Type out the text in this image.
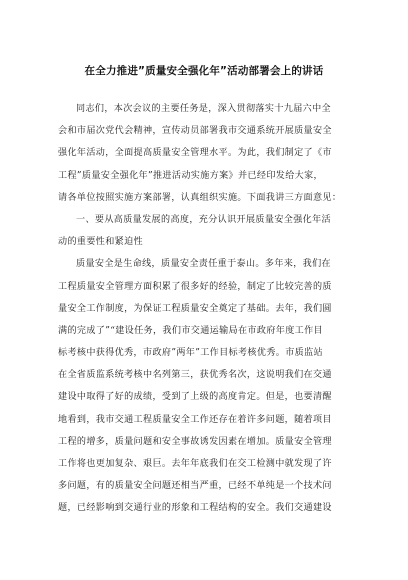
在全力推进”质量安全强化年”活动部署会上的讲话
同志们，本次会议的主要任务是，深入贯彻落实十九届六中全
会和市届次党代会精神，宣传动员部署我市交通系统开展质量安全
强化年活动，全面提高质量安全管理水平。为此，我们制定了《市
工程”质量安全强化年”推进活动实施方案》并已经印发给大家，
请各单位按照实施方案部署，认真组织实施。下面我讲三方面意见：
一、要从高质量发展的高度，充分认识开展质量安全强化年活
动的重要性和紧迫性
质量安全是生命线，质量安全责任重于泰山。多年来，我们在
工程质量安全管理方面积累了很多好的经验，制定了比较完善的质
量安全工作制度，为保证工程质量安全奠定了基础。去年，我们圆
满的完成了”“建设任务，我们市交通运输局在市政府年度工作目
标考核中获得优秀，市政府”两年”工作目标考核优秀。市质监站
在全省质监系统考核中名列第三，获优秀名次，这说明我们在交通
建设中取得了好的成绩，受到了上级的高度肯定。但是，也要清醒
地看到，我市交通工程质量安全工作还存在着许多问题，随着项目
工程的增多，质量问题和安全事故诱发因素在增加。质量安全管理
工作将也更加复杂、艰巨。去年年底我们在交工检测中就发现了许
多问题，有的质量安全问题还相当严重，已经不单纯是一个技术问
题，已经影响到交通行业的形象和工程结构的安全。我们交通建设
